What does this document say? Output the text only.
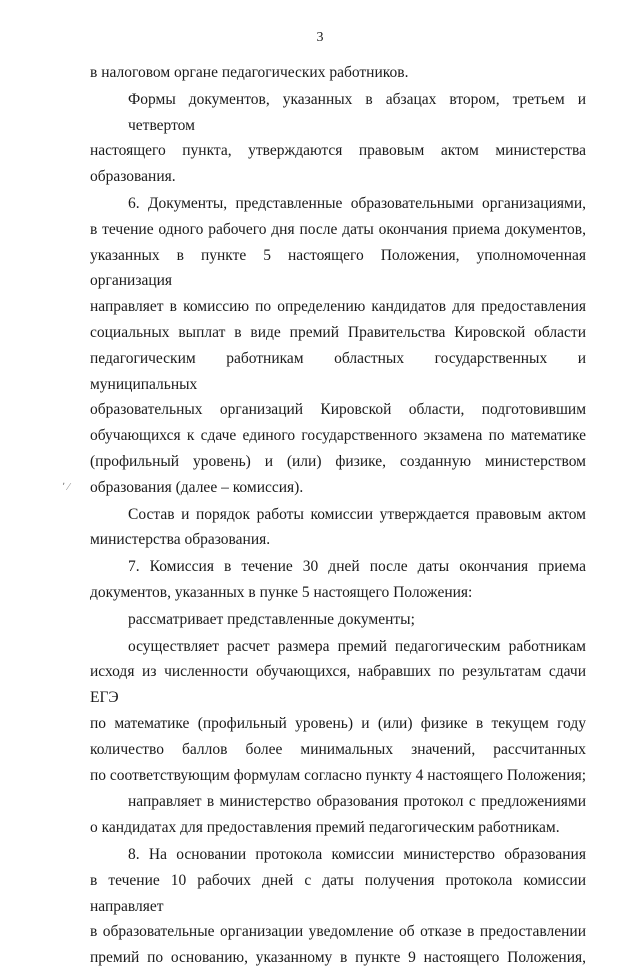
3
٬ ⁄

в налоговом органе педагогических работников.

Формы документов, указанных в абзацах втором, третьем и четвертом
настоящего пункта, утверждаются правовым актом министерства
образования.

6. Документы, представленные образовательными организациями,
в течение одного рабочего дня после даты окончания приема документов,
указанных в пункте 5 настоящего Положения, уполномоченная организация
направляет в комиссию по определению кандидатов для предоставления
социальных выплат в виде премий Правительства Кировской области
педагогическим работникам областных государственных и муниципальных
образовательных организаций Кировской области, подготовившим
обучающихся к сдаче единого государственного экзамена по математике
(профильный уровень) и (или) физике, созданную министерством
образования (далее – комиссия).

Состав и порядок работы комиссии утверждается правовым актом
министерства образования.

7. Комиссия в течение 30 дней после даты окончания приема
документов, указанных в пунке 5 настоящего Положения:

рассматривает представленные документы;

осуществляет расчет размера премий педагогическим работникам
исходя из численности обучающихся, набравших по результатам сдачи ЕГЭ
по математике (профильный уровень) и (или) физике в текущем году
количество баллов более минимальных значений, рассчитанных
по соответствующим формулам согласно пункту 4 настоящего Положения;

направляет в министерство образования протокол с предложениями
о кандидатах для предоставления премий педагогическим работникам.

8. На основании протокола комиссии министерство образования
в течение 10 рабочих дней с даты получения протокола комиссии направляет
в образовательные организации уведомление об отказе в предоставлении
премий по основанию, указанному в пункте 9 настоящего Положения,
